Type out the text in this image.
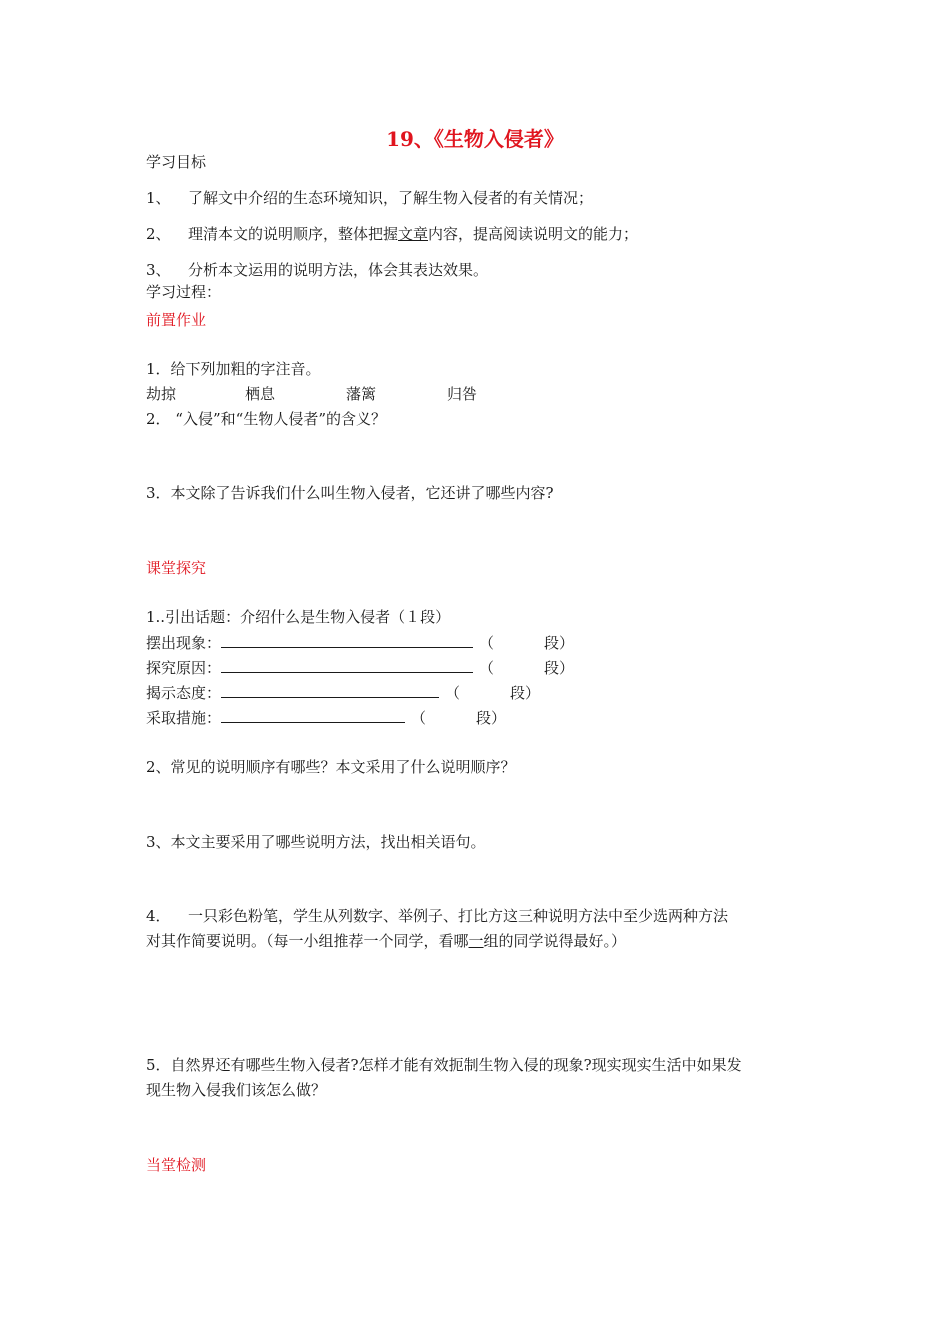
19、《生物入侵者》
学习目标
1、 了解文中介绍的生态环境知识，了解生物入侵者的有关情况；
2、 理清本文的说明顺序，整体把握文章内容，提高阅读说明文的能力；
3、 分析本文运用的说明方法，体会其表达效果。
学习过程：
前置作业
1．给下列加粗的字注音。
劫掠	栖息	藩篱	归咎
2． “入侵”和“生物人侵者”的含义？
3．本文除了告诉我们什么叫生物入侵者，它还讲了哪些内容?
课堂探究
1..引出话题：介绍什么是生物入侵者（１段）
摆出现象：	（	段）
探究原因：	（	段）
揭示态度：	（	段）
采取措施：	（	段）
2、常见的说明顺序有哪些？本文采用了什么说明顺序？
3、本文主要采用了哪些说明方法，找出相关语句。
4． 一只彩色粉笔，学生从列数字、举例子、打比方这三种说明方法中至少选两种方法
对其作简要说明。（每一小组推荐一个同学，看哪一组的同学说得最好。）
5．自然界还有哪些生物入侵者?怎样才能有效扼制生物入侵的现象?现实现实生活中如果发
现生物入侵我们该怎么做？
当堂检测
